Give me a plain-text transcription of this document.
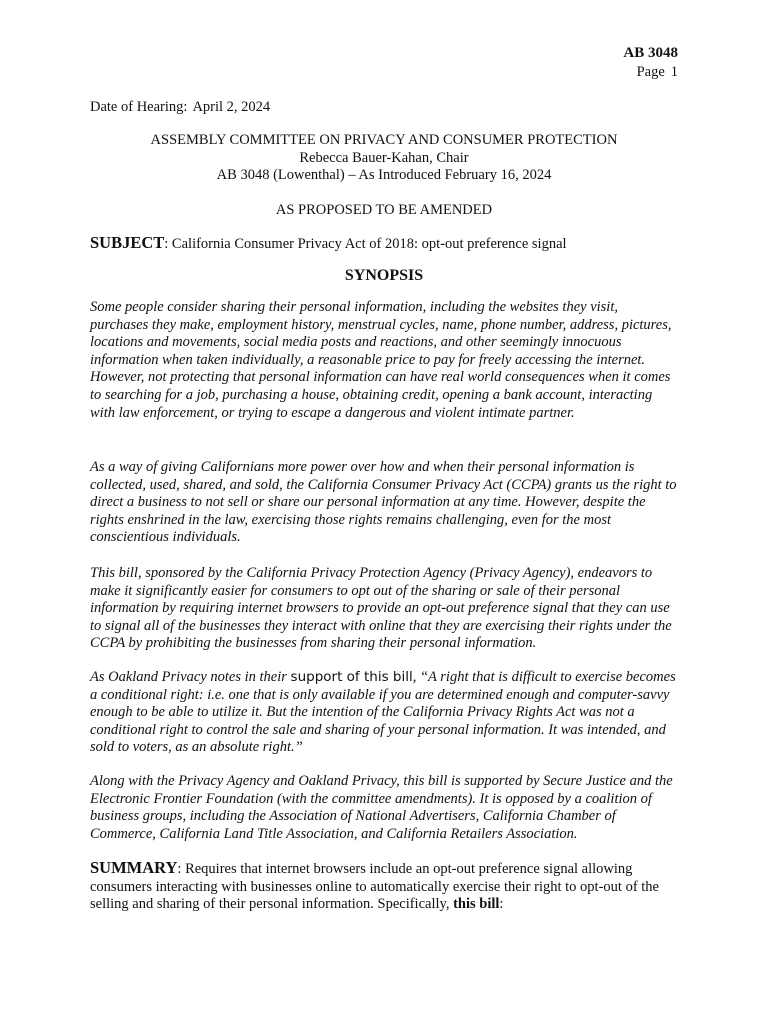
AB 3048
Page 1
Date of Hearing: April 2, 2024
ASSEMBLY COMMITTEE ON PRIVACY AND CONSUMER PROTECTION
Rebecca Bauer-Kahan, Chair
AB 3048 (Lowenthal) – As Introduced February 16, 2024
AS PROPOSED TO BE AMENDED
SUBJECT: California Consumer Privacy Act of 2018: opt-out preference signal
SYNOPSIS

Some people consider sharing their personal information, including the websites they visit, purchases they make, employment history, menstrual cycles, name, phone number, address, pictures, locations and movements, social media posts and reactions, and other seemingly innocuous information when taken individually, a reasonable price to pay for freely accessing the internet. However, not protecting that personal information can have real world consequences when it comes to searching for a job, purchasing a house, obtaining credit, opening a bank account, interacting with law enforcement, or trying to escape a dangerous and violent intimate partner.

As a way of giving Californians more power over how and when their personal information is collected, used, shared, and sold, the California Consumer Privacy Act (CCPA) grants us the right to direct a business to not sell or share our personal information at any time. However, despite the rights enshrined in the law, exercising those rights remains challenging, even for the most conscientious individuals.

This bill, sponsored by the California Privacy Protection Agency (Privacy Agency), endeavors to make it significantly easier for consumers to opt out of the sharing or sale of their personal information by requiring internet browsers to provide an opt-out preference signal that they can use to signal all of the businesses they interact with online that they are exercising their rights under the CCPA by prohibiting the businesses from sharing their personal information.

As Oakland Privacy notes in their support of this bill, “A right that is difficult to exercise becomes a conditional right: i.e. one that is only available if you are determined enough and computer-savvy enough to be able to utilize it. But the intention of the California Privacy Rights Act was not a conditional right to control the sale and sharing of your personal information. It was intended, and sold to voters, as an absolute right.”

Along with the Privacy Agency and Oakland Privacy, this bill is supported by Secure Justice and the Electronic Frontier Foundation (with the committee amendments). It is opposed by a coalition of business groups, including the Association of National Advertisers, California Chamber of Commerce, California Land Title Association, and California Retailers Association.

SUMMARY: Requires that internet browsers include an opt-out preference signal allowing consumers interacting with businesses online to automatically exercise their right to opt-out of the selling and sharing of their personal information. Specifically, this bill:
